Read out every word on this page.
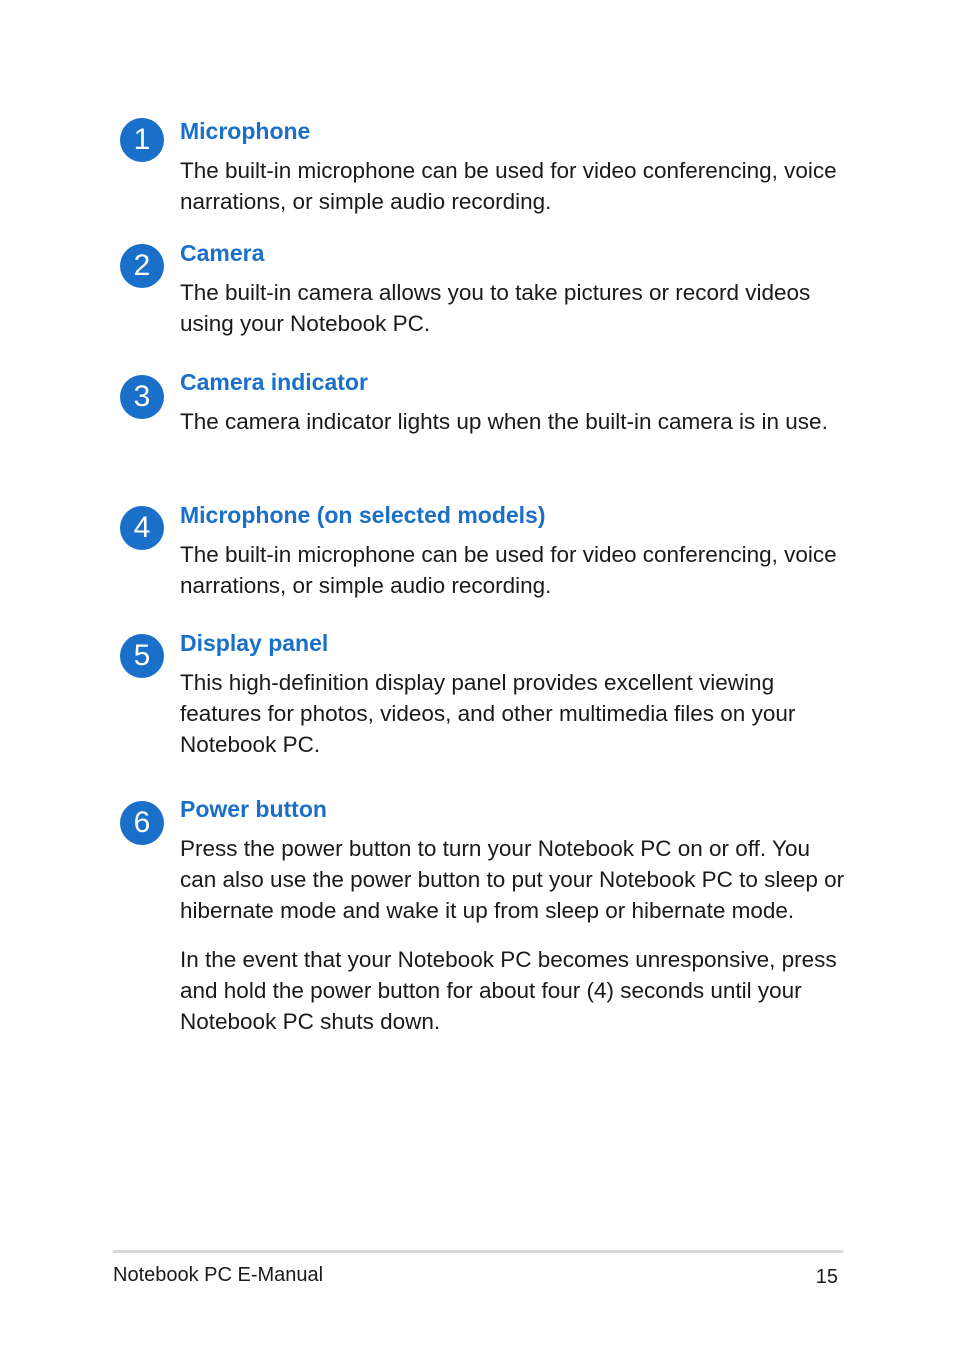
1	Microphone

The built-in microphone can be used for video conferencing, voice narrations, or simple audio recording.

2	Camera

The built-in camera allows you to take pictures or record videos using your Notebook PC.

3	Camera indicator

The camera indicator lights up when the built-in camera is in use.

4	Microphone (on selected models)

The built-in microphone can be used for video conferencing, voice narrations, or simple audio recording.

5	Display panel

This high-definition display panel provides excellent viewing features for photos, videos, and other multimedia files on your Notebook PC.

6	Power button

Press the power button to turn your Notebook PC on or off. You can also use the power button to put your Notebook PC to sleep or hibernate mode and wake it up from sleep or hibernate mode.

In the event that your Notebook PC becomes unresponsive, press and hold the power button for about four (4) seconds until your Notebook PC shuts down.

Notebook PC E-Manual	15
